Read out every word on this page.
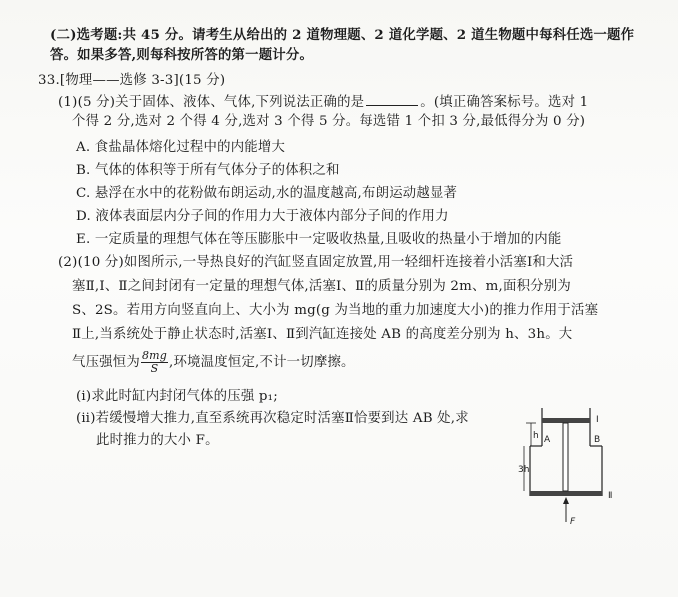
(二)选考题:共 45 分。请考生从给出的 2 道物理题、2 道化学题、2 道生物题中每科任选一题作
答。如果多答,则每科按所答的第一题计分。
33.[物理——选修 3-3](15 分)
(1)(5 分)关于固体、液体、气体,下列说法正确的是	。(填正确答案标号。选对 1
个得 2 分,选对 2 个得 4 分,选对 3 个得 5 分。每选错 1 个扣 3 分,最低得分为 0 分)
A. 食盐晶体熔化过程中的内能增大
B. 气体的体积等于所有气体分子的体积之和
C. 悬浮在水中的花粉做布朗运动,水的温度越高,布朗运动越显著
D. 液体表面层内分子间的作用力大于液体内部分子间的作用力
E. 一定质量的理想气体在等压膨胀中一定吸收热量,且吸收的热量小于增加的内能
(2)(10 分)如图所示,一导热良好的汽缸竖直固定放置,用一轻细杆连接着小活塞Ⅰ和大活
塞Ⅱ,Ⅰ、Ⅱ之间封闭有一定量的理想气体,活塞Ⅰ、Ⅱ的质量分别为 2m、m,面积分别为
S、2S。若用方向竖直向上、大小为 mg(g 为当地的重力加速度大小)的推力作用于活塞
Ⅱ上,当系统处于静止状态时,活塞Ⅰ、Ⅱ到汽缸连接处 AB 的高度差分别为 h、3h。大
气压强恒为 $\frac{8mg}{S}$ ,环境温度恒定,不计一切摩擦。
(ⅰ)求此时缸内封闭气体的压强 p₁;
(ⅱ)若缓慢增大推力,直至系统再次稳定时活塞Ⅱ恰要到达 AB 处,求
此时推力的大小 F。
Ⅰ
Ⅱ
A	B
h
3h
F
